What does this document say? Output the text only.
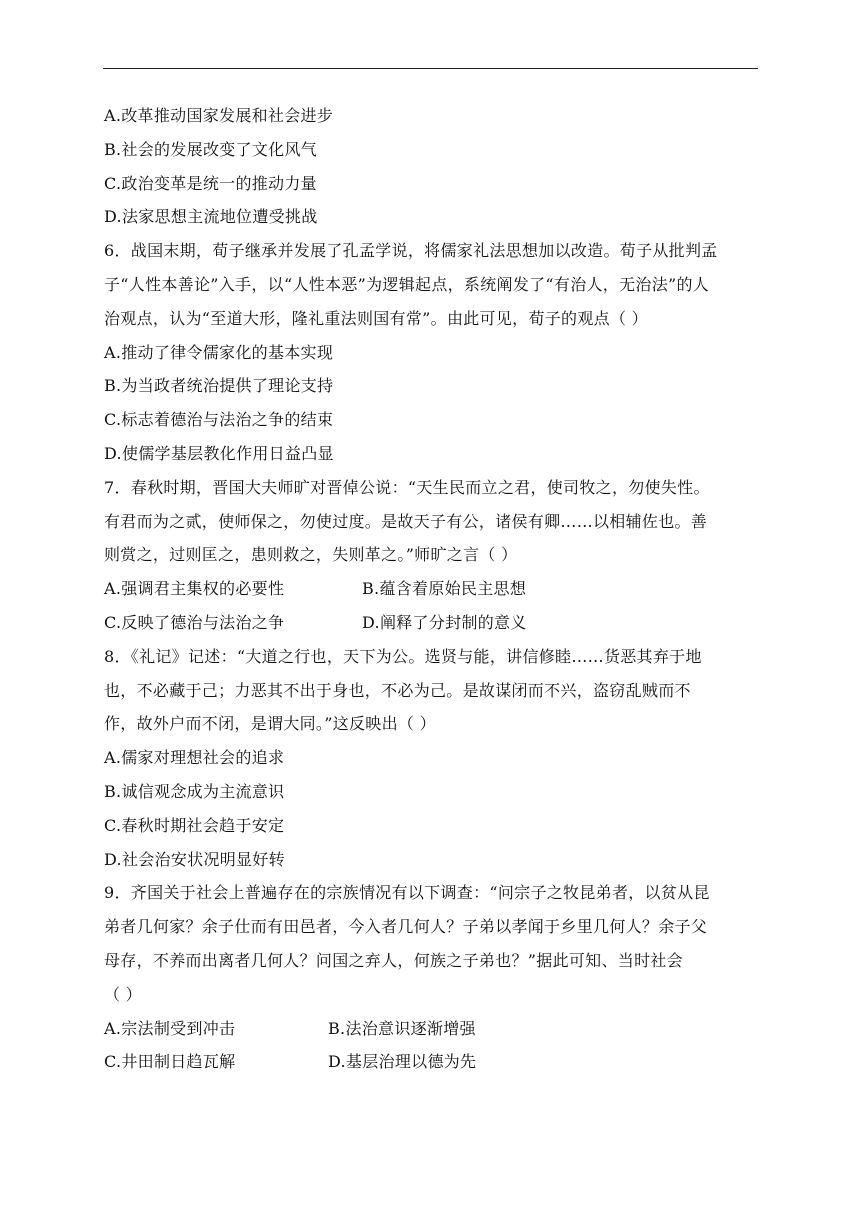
A.改革推动国家发展和社会进步
B.社会的发展改变了文化风气
C.政治变革是统一的推动力量
D.法家思想主流地位遭受挑战
6．战国末期，荀子继承并发展了孔孟学说，将儒家礼法思想加以改造。荀子从批判孟
子“人性本善论”入手，以“人性本恶”为逻辑起点，系统阐发了“有治人，无治法”的人
治观点，认为“至道大形，隆礼重法则国有常”。由此可见，荀子的观点（ ）
A.推动了律令儒家化的基本实现
B.为当政者统治提供了理论支持
C.标志着德治与法治之争的结束
D.使儒学基层教化作用日益凸显
7．春秋时期，晋国大夫师旷对晋倬公说：“天生民而立之君，使司牧之，勿使失性。
有君而为之贰，使师保之，勿使过度。是故天子有公，诸侯有卿……以相辅佐也。善
则赏之，过则匡之，患则救之，失则革之。”师旷之言（ ）
A.强调君主集权的必要性	B.蕴含着原始民主思想
C.反映了德治与法治之争	D.阐释了分封制的意义
8．《礼记》记述：“大道之行也，天下为公。选贤与能，讲信修睦……货恶其弃于地
也，不必藏于己；力恶其不出于身也，不必为己。是故谋闭而不兴，盗窃乱贼而不
作，故外户而不闭，是谓大同。”这反映出（ ）
A.儒家对理想社会的追求
B.诚信观念成为主流意识
C.春秋时期社会趋于安定
D.社会治安状况明显好转
9．齐国关于社会上普遍存在的宗族情况有以下调查：“问宗子之牧昆弟者，以贫从昆
弟者几何家？余子仕而有田邑者，今入者几何人？子弟以孝闻于乡里几何人？余子父
母存，不养而出离者几何人？问国之弃人，何族之子弟也？”据此可知、当时社会
（ ）
A.宗法制受到冲击	B.法治意识逐渐增强
C.井田制日趋瓦解	D.基层治理以德为先
